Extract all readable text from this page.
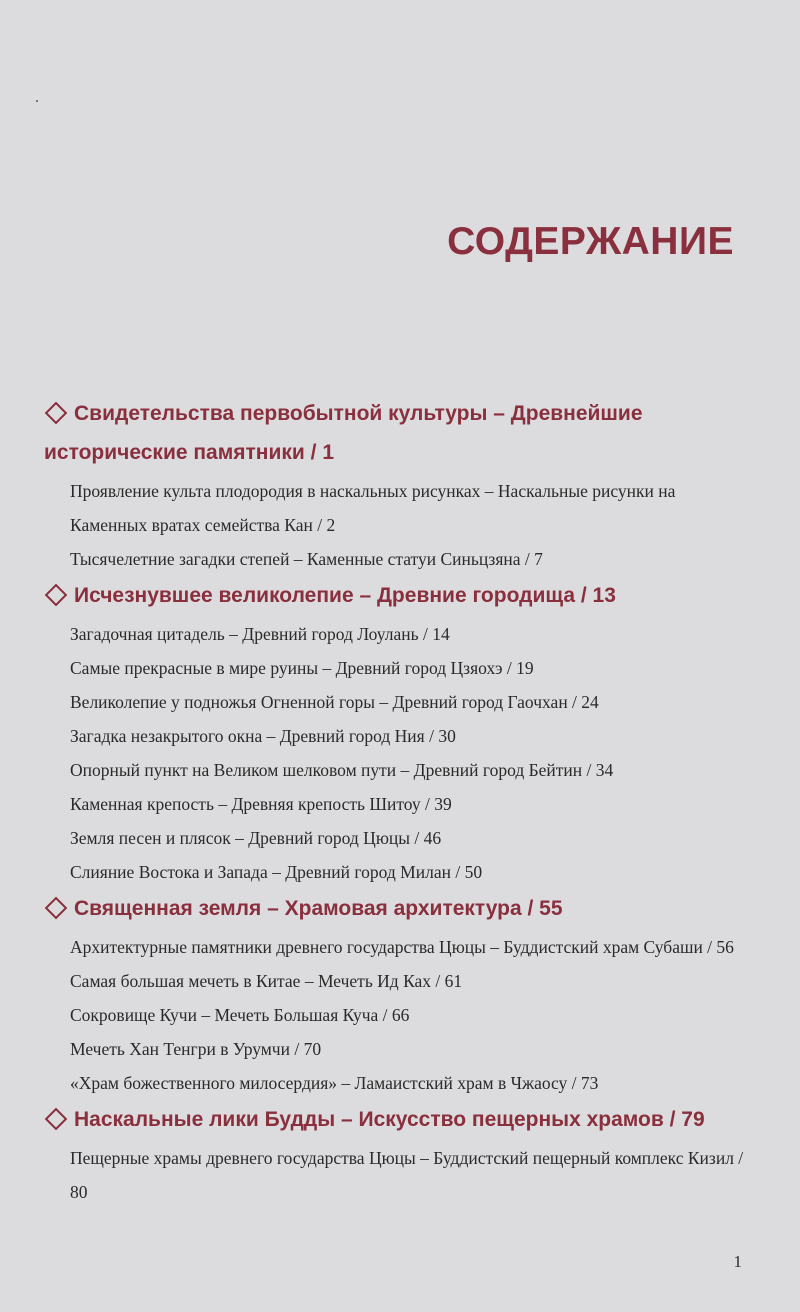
СОДЕРЖАНИЕ

Свидетельства первобытной культуры – Древнейшие исторические памятники / 1

Проявление культа плодородия в наскальных рисунках – Наскальные рисунки на Каменных вратах семейства Кан / 2

Тысячелетние загадки степей – Каменные статуи Синьцзяна / 7

Исчезнувшее великолепие – Древние городища / 13

Загадочная цитадель – Древний город Лоулань / 14

Самые прекрасные в мире руины – Древний город Цзяохэ / 19

Великолепие у подножья Огненной горы – Древний город Гаочхан / 24

Загадка незакрытого окна – Древний город Ния / 30

Опорный пункт на Великом шелковом пути – Древний город Бейтин / 34

Каменная крепость – Древняя крепость Шитоу / 39

Земля песен и плясок – Древний город Цюцы / 46

Слияние Востока и Запада – Древний город Милан / 50

Священная земля – Храмовая архитектура / 55

Архитектурные памятники древнего государства Цюцы – Буддистский храм Субаши / 56

Самая большая мечеть в Китае – Мечеть Ид Ках / 61

Сокровище Кучи – Мечеть Большая Куча / 66

Мечеть Хан Тенгри в Урумчи / 70

«Храм божественного милосердия» – Ламаистский храм в Чжаосу / 73

Наскальные лики Будды – Искусство пещерных храмов / 79

Пещерные храмы древнего государства Цюцы – Буддистский пещерный комплекс Кизил / 80

1
